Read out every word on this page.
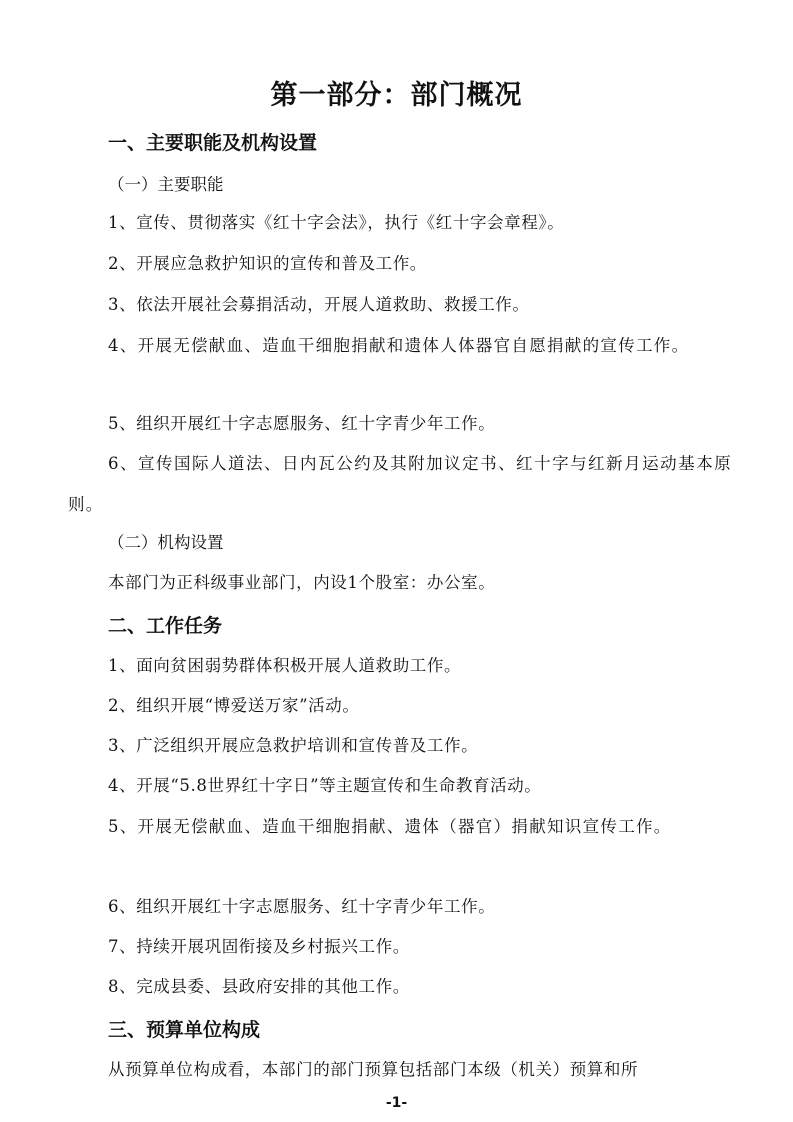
第一部分：部门概况
一、主要职能及机构设置
（一）主要职能
1、宣传、贯彻落实《红十字会法》，执行《红十字会章程》。
2、开展应急救护知识的宣传和普及工作。
3、依法开展社会募捐活动，开展人道救助、救援工作。
4、开展无偿献血、造血干细胞捐献和遗体人体器官自愿捐献的宣传工作。
5、组织开展红十字志愿服务、红十字青少年工作。
6、宣传国际人道法、日内瓦公约及其附加议定书、红十字与红新月运动基本原则。
（二）机构设置
本部门为正科级事业部门，内设1个股室：办公室。
二、工作任务
1、面向贫困弱势群体积极开展人道救助工作。
2、组织开展“博爱送万家”活动。
3、广泛组织开展应急救护培训和宣传普及工作。
4、开展“5.8世界红十字日”等主题宣传和生命教育活动。
5、开展无偿献血、造血干细胞捐献、遗体（器官）捐献知识宣传工作。
6、组织开展红十字志愿服务、红十字青少年工作。
7、持续开展巩固衔接及乡村振兴工作。
8、完成县委、县政府安排的其他工作。
三、预算单位构成
从预算单位构成看，本部门的部门预算包括部门本级（机关）预算和所
-1-
